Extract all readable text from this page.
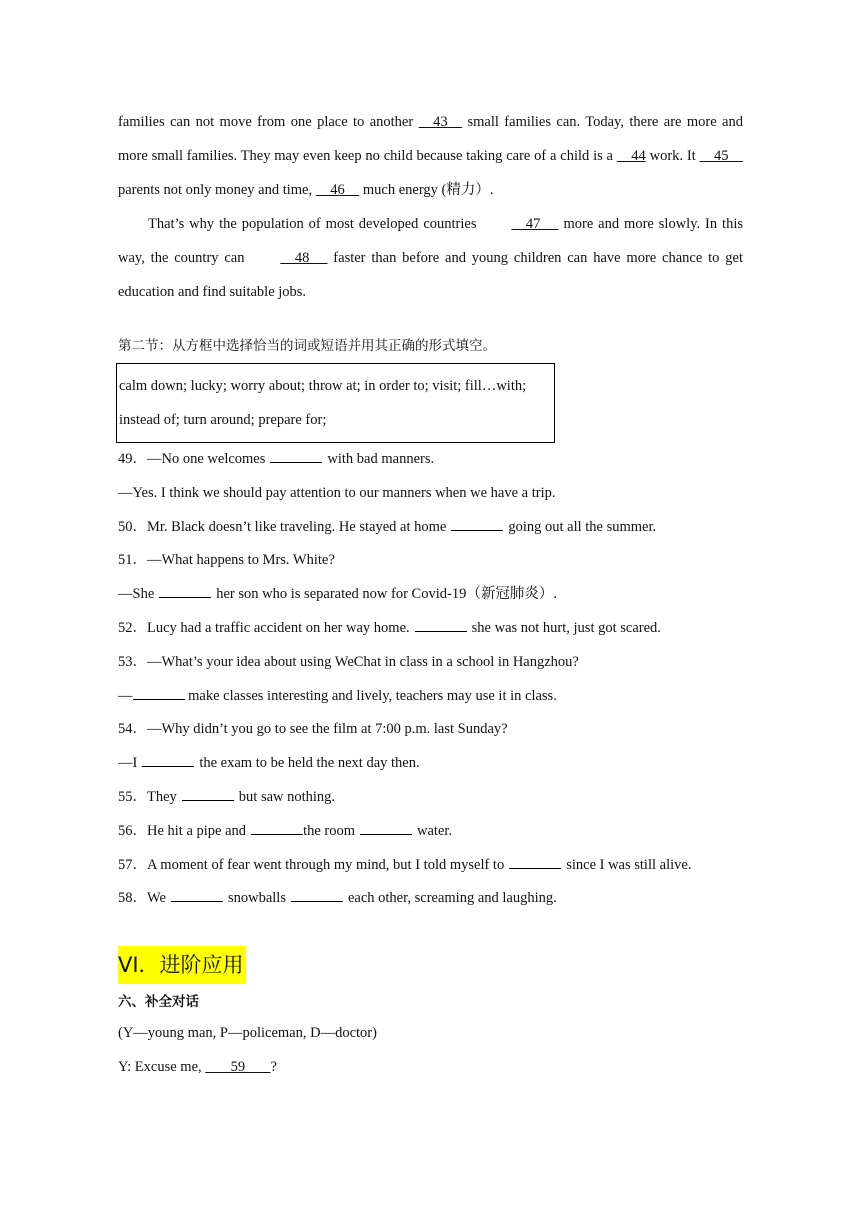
families can not move from one place to another     43     small families can. Today, there are more and more small families. They may even keep no child because taking care of a child is a     44 work. It     45     parents not only money and time,     46     much energy (精力）.

That’s why the population of most developed countries     47      more and more slowly. In this way, the country can     48      faster than before and young children can have more chance to get education and find suitable jobs.

第二节：从方框中选择恰当的词或短语并用其正确的形式填空。
calm down; lucky; worry about; throw at; in order to; visit; fill…with;
instead of; turn around; prepare for;

49．—No one welcomes	with bad manners.

—Yes. I think we should pay attention to our manners when we have a trip.

50．Mr. Black doesn’t like traveling. He stayed at home	going out all the summer.

51．—What happens to Mrs. White?

—She	her son who is separated now for Covid-19（新冠肺炎）.

52．Lucy had a traffic accident on her way home.	she was not hurt, just got scared.

53．—What’s your idea about using WeChat in class in a school in Hangzhou?

—	make classes interesting and lively, teachers may use it in class.

54．—Why didn’t you go to see the film at 7:00 p.m. last Sunday?

—I	the exam to be held the next day then.

55．They	but saw nothing.

56．He hit a pipe and	the room	water.

57．A moment of fear went through my mind, but I told myself to	since I was still alive.

58．We	snowballs	each other, screaming and laughing.

VI．进阶应用
六、补全对话
(Y—young man, P—policeman, D—doctor)
Y: Excuse me,        59       ?
